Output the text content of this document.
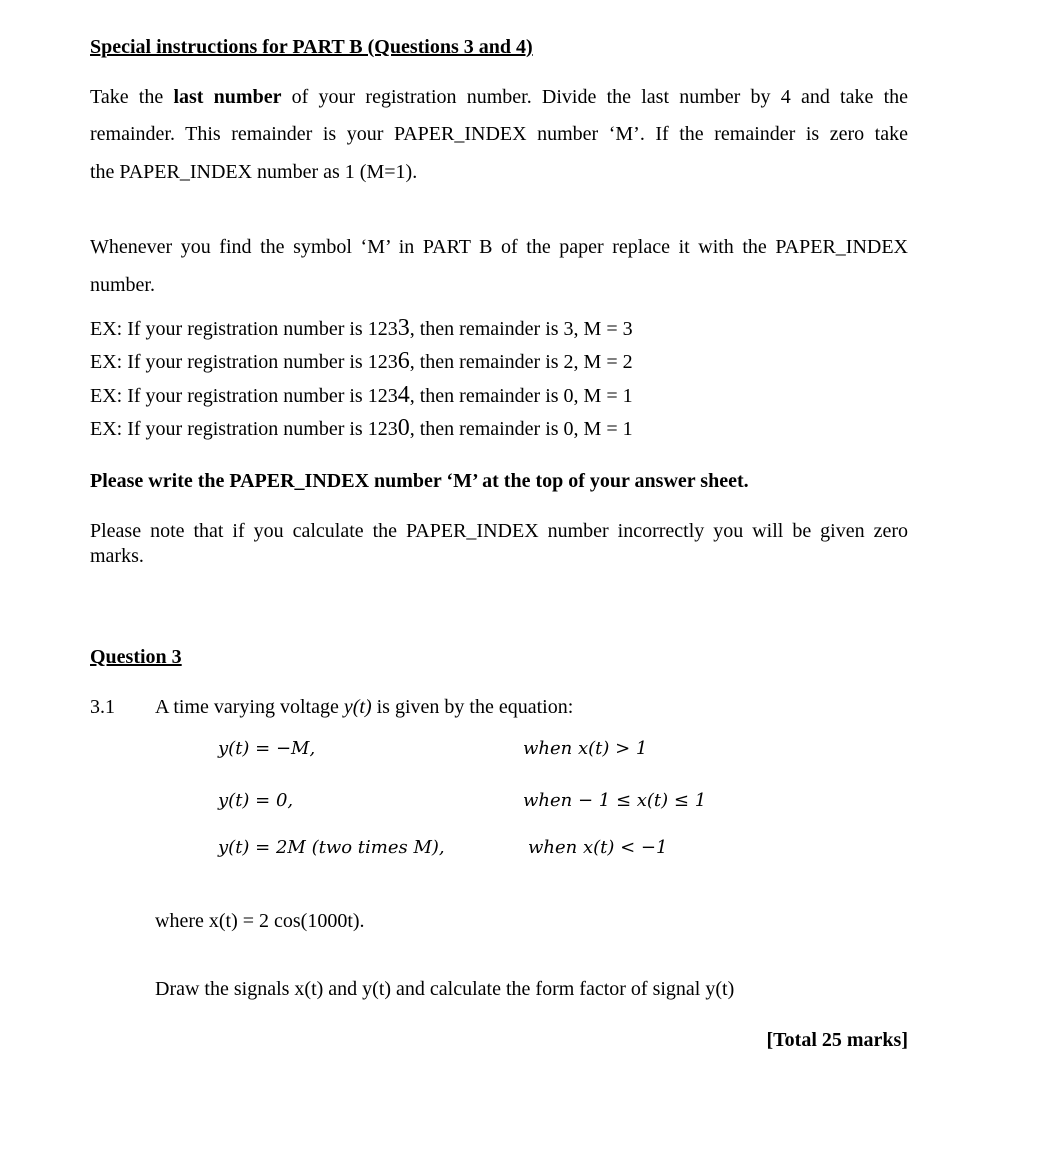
Special instructions for PART B (Questions 3 and 4)
Take the last number of your registration number. Divide the last number by 4 and take the
remainder. This remainder is your PAPER_INDEX number ‘M’. If the remainder is zero take
the PAPER_INDEX number as 1 (M=1).
Whenever you find the symbol ‘M’ in PART B of the paper replace it with the PAPER_INDEX
number.
EX: If your registration number is 1233, then remainder is 3, M = 3
EX: If your registration number is 1236, then remainder is 2, M = 2
EX: If your registration number is 1234, then remainder is 0, M = 1
EX: If your registration number is 1230, then remainder is 0, M = 1
Please write the PAPER_INDEX number ‘M’ at the top of your answer sheet.
Please note that if you calculate the PAPER_INDEX number incorrectly you will be given zero
marks.
Question 3
3.1 A time varying voltage y(t) is given by the equation:
y(t) = −M,	when x(t) > 1
y(t) = 0,	when − 1 ≤ x(t) ≤ 1
y(t) = 2M (two times M),	when x(t) < −1
where x(t) = 2 cos(1000t).
Draw the signals x(t) and y(t) and calculate the form factor of signal y(t)
[Total 25 marks]
